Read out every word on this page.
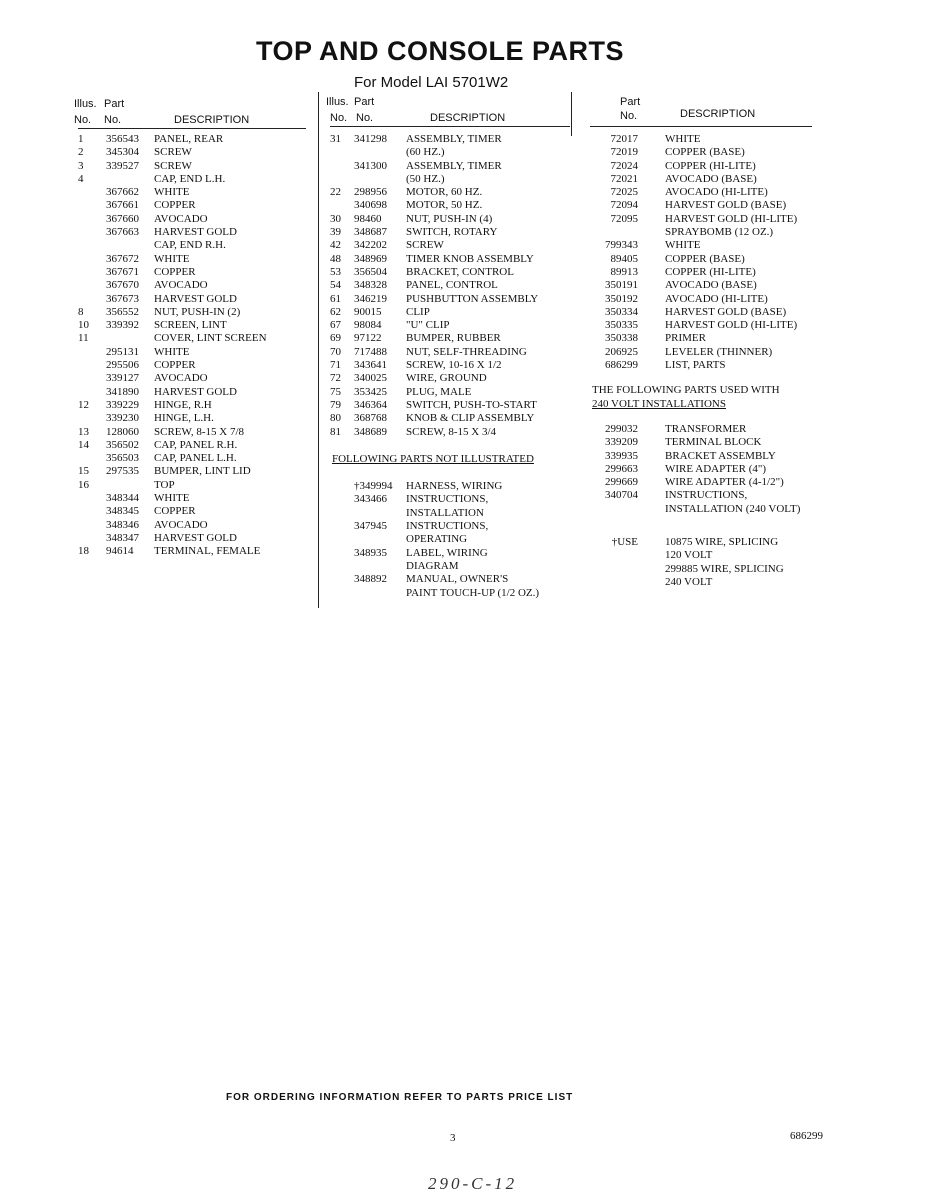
TOP AND CONSOLE PARTS
For Model LAI 5701W2
Illus. Part
No. No.	DESCRIPTION
1 356543 PANEL, REAR
2 345304 SCREW
3 339527 SCREW
4	CAP, END L.H.
367662 WHITE
367661 COPPER
367660 AVOCADO
367663 HARVEST GOLD
CAP, END R.H.
367672 WHITE
367671 COPPER
367670 AVOCADO
367673 HARVEST GOLD
8 356552 NUT, PUSH-IN (2)
10 339392 SCREEN, LINT
11	COVER, LINT SCREEN
295131 WHITE
295506 COPPER
339127 AVOCADO
341890 HARVEST GOLD
12 339229 HINGE, R.H
339230 HINGE, L.H.
13 128060 SCREW, 8-15 X 7/8
14 356502 CAP, PANEL R.H.
356503 CAP, PANEL L.H.
15 297535 BUMPER, LINT LID
16	TOP
348344 WHITE
348345 COPPER
348346 AVOCADO
348347 HARVEST GOLD
18 94614 TERMINAL, FEMALE
Illus. Part
No. No.	DESCRIPTION
31 341298 ASSEMBLY, TIMER
(60 HZ.)
341300 ASSEMBLY, TIMER
(50 HZ.)
22 298956 MOTOR, 60 HZ.
340698 MOTOR, 50 HZ.
30 98460 NUT, PUSH-IN (4)
39 348687 SWITCH, ROTARY
42 342202 SCREW
48 348969 TIMER KNOB ASSEMBLY
53 356504 BRACKET, CONTROL
54 348328 PANEL, CONTROL
61 346219 PUSHBUTTON ASSEMBLY
62 90015 CLIP
67 98084 "U" CLIP
69 97122 BUMPER, RUBBER
70 717488 NUT, SELF-THREADING
71 343641 SCREW, 10-16 X 1/2
72 340025 WIRE, GROUND
75 353425 PLUG, MALE
79 346364 SWITCH, PUSH-TO-START
80 368768 KNOB & CLIP ASSEMBLY
81 348689 SCREW, 8-15 X 3/4
FOLLOWING PARTS NOT ILLUSTRATED
†349994 HARNESS, WIRING
343466 INSTRUCTIONS,
INSTALLATION
347945 INSTRUCTIONS,
OPERATING
348935 LABEL, WIRING
DIAGRAM
348892 MANUAL, OWNER'S
PAINT TOUCH-UP (1/2 OZ.)
Part
No.	DESCRIPTION
72017 WHITE
72019 COPPER (BASE)
72024 COPPER (HI-LITE)
72021 AVOCADO (BASE)
72025 AVOCADO (HI-LITE)
72094 HARVEST GOLD (BASE)
72095 HARVEST GOLD (HI-LITE)
SPRAYBOMB (12 OZ.)
799343 WHITE
89405 COPPER (BASE)
89913 COPPER (HI-LITE)
350191 AVOCADO (BASE)
350192 AVOCADO (HI-LITE)
350334 HARVEST GOLD (BASE)
350335 HARVEST GOLD (HI-LITE)
350338 PRIMER
206925 LEVELER (THINNER)
686299 LIST, PARTS
THE FOLLOWING PARTS USED WITH
240 VOLT INSTALLATIONS
299032 TRANSFORMER
339209 TERMINAL BLOCK
339935 BRACKET ASSEMBLY
299663 WIRE ADAPTER (4")
299669 WIRE ADAPTER (4-1/2")
340704 INSTRUCTIONS,
INSTALLATION (240 VOLT)
†USE 10875 WIRE, SPLICING
120 VOLT
299885 WIRE, SPLICING
240 VOLT
FOR ORDERING INFORMATION REFER TO PARTS PRICE LIST
3	686299
290-C-12
